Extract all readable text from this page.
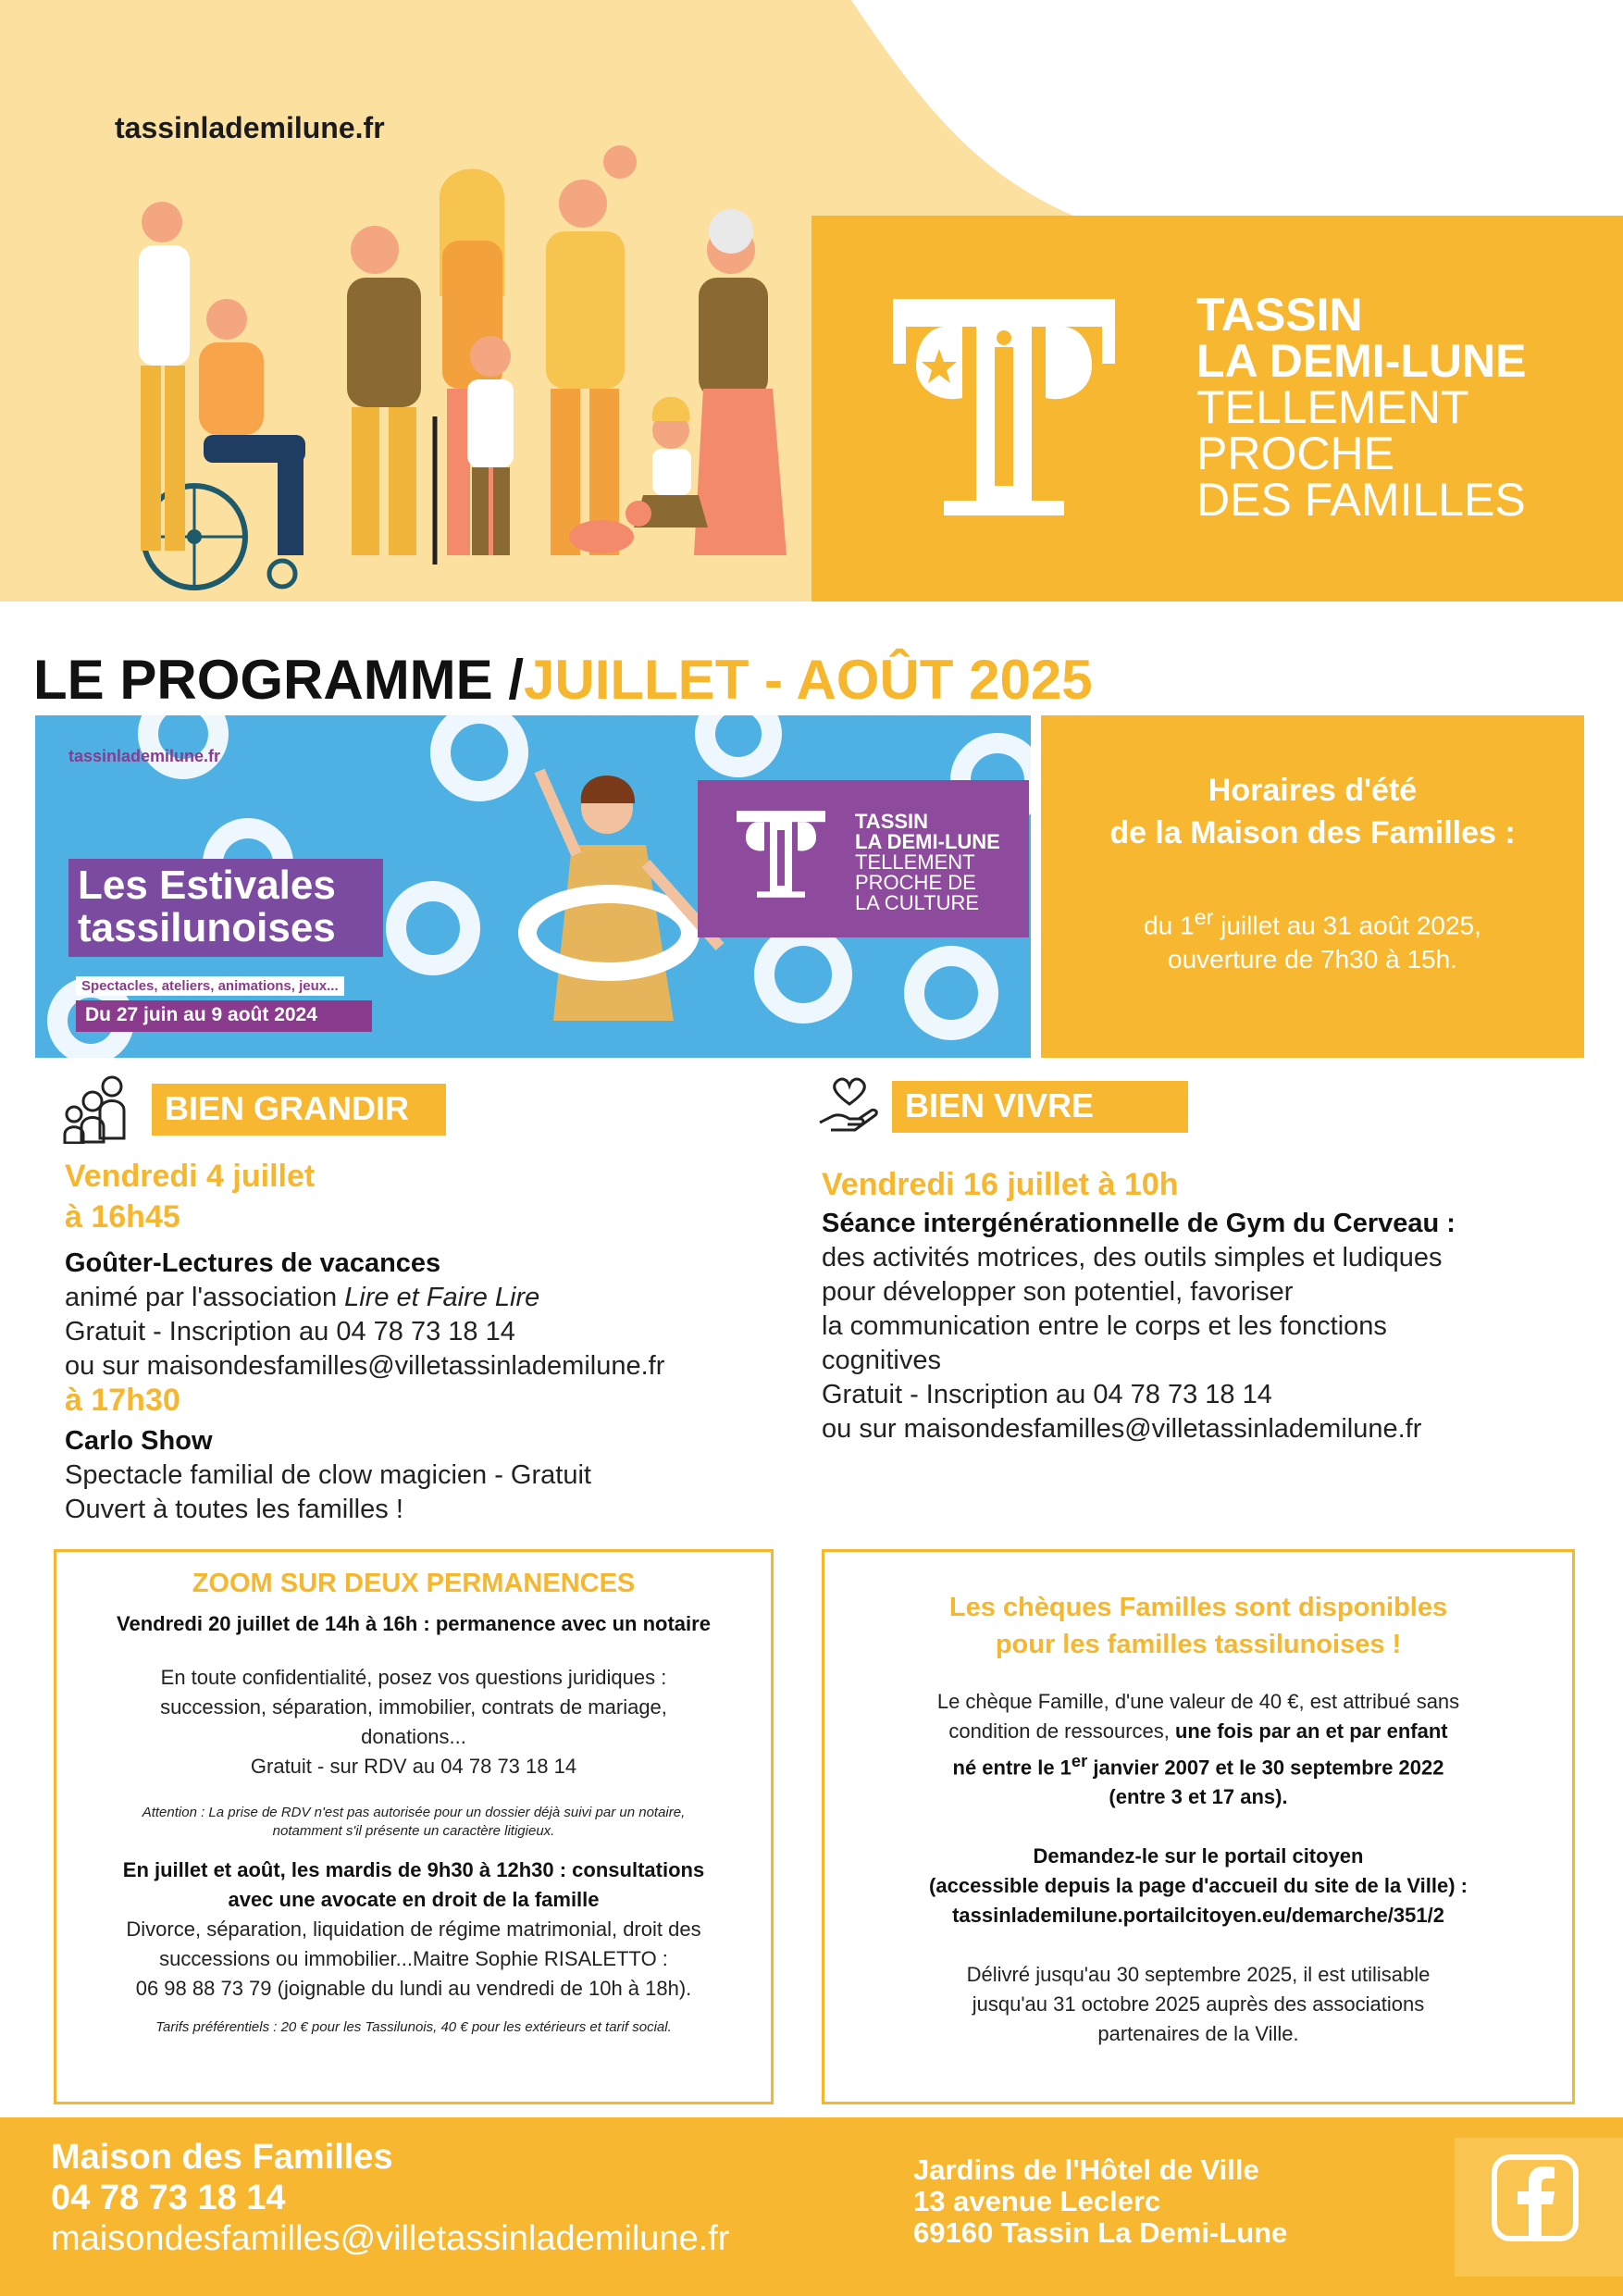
tassinlademilune.fr
TASSIN
LA DEMI-LUNE
TELLEMENT
PROCHE
DES FAMILLES
LE PROGRAMME /JUILLET - AOÛT 2025
tassinlademilune.fr
Les Estivales
tassilunoises
Spectacles, ateliers, animations, jeux...
Du 27 juin au 9 août 2024
TASSIN
LA DEMI-LUNE
TELLEMENT
PROCHE DE
LA CULTURE
Horaires d'été
de la Maison des Familles :
du 1er juillet au 31 août 2025,
ouverture de 7h30 à 15h.
BIEN GRANDIR
Vendredi 4 juillet
à 16h45
Goûter-Lectures de vacances
animé par l'association Lire et Faire Lire
Gratuit - Inscription au 04 78 73 18 14
ou sur maisondesfamilles@villetassinlademilune.fr
à 17h30
Carlo Show
Spectacle familial de clow magicien - Gratuit
Ouvert à toutes les familles !
BIEN VIVRE
Vendredi 16 juillet à 10h
Séance intergénérationnelle de Gym du Cerveau :
des activités motrices, des outils simples et ludiques
pour développer son potentiel, favoriser
la communication entre le corps et les fonctions
cognitives
Gratuit - Inscription au 04 78 73 18 14
ou sur maisondesfamilles@villetassinlademilune.fr
ZOOM SUR DEUX PERMANENCES

Vendredi 20 juillet de 14h à 16h : permanence avec un notaire

En toute confidentialité, posez vos questions juridiques :

succession, séparation, immobilier, contrats de mariage,

donations...

Gratuit - sur RDV au 04 78 73 18 14

Attention : La prise de RDV n'est pas autorisée pour un dossier déjà suivi par un notaire,

notamment s'il présente un caractère litigieux.

En juillet et août, les mardis de 9h30 à 12h30 : consultations

avec une avocate en droit de la famille

Divorce, séparation, liquidation de régime matrimonial, droit des

successions ou immobilier...Maitre Sophie RISALETTO :

06 98 88 73 79 (joignable du lundi au vendredi de 10h à 18h).

Tarifs préférentiels : 20 € pour les Tassilunois, 40 € pour les extérieurs et tarif social.

Les chèques Familles sont disponibles
pour les familles tassilunoises !

Le chèque Famille, d'une valeur de 40 €, est attribué sans

condition de ressources, une fois par an et par enfant

né entre le 1er janvier 2007 et le 30 septembre 2022

(entre 3 et 17 ans).

Demandez-le sur le portail citoyen

(accessible depuis la page d'accueil du site de la Ville) :

tassinlademilune.portailcitoyen.eu/demarche/351/2

Délivré jusqu'au 30 septembre 2025, il est utilisable

jusqu'au 31 octobre 2025 auprès des associations

partenaires de la Ville.

Maison des Familles
04 78 73 18 14
maisondesfamilles@villetassinlademilune.fr
Jardins de l'Hôtel de Ville
13 avenue Leclerc
69160 Tassin La Demi-Lune
